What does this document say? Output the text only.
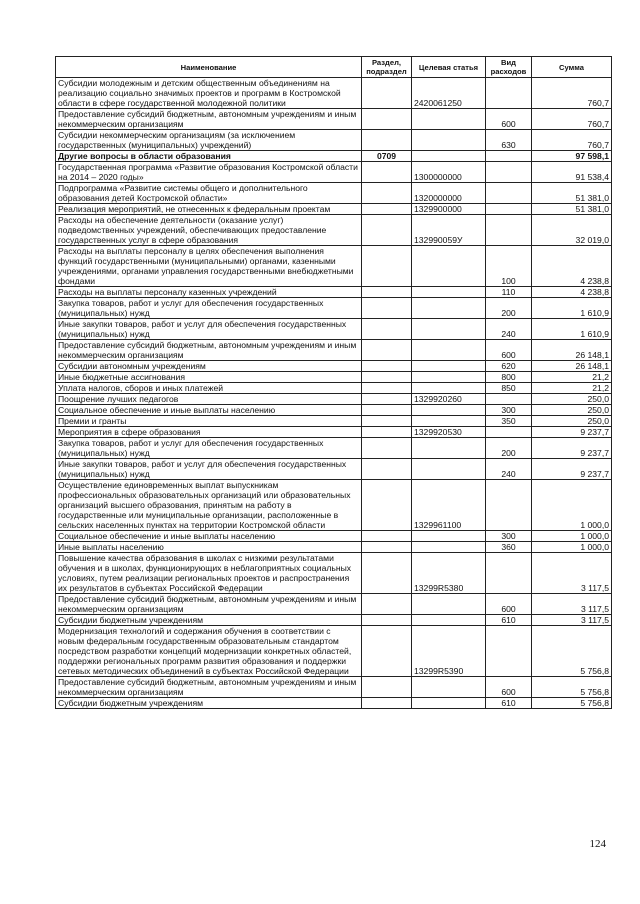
Наименование	Раздел, подраздел	Целевая статья	Вид расходов	Сумма
Субсидии молодежным и детским общественным объединениям на реализацию социально значимых проектов и программ в Костромской области в сфере государственной молодежной политики		2420061250		760,7
Предоставление субсидий бюджетным, автономным учреждениям и иным некоммерческим организациям			600	760,7
Субсидии некоммерческим организациям (за исключением государственных (муниципальных) учреждений)			630	760,7
Другие вопросы в области образования	0709			97 598,1
Государственная программа «Развитие образования Костромской области на 2014 – 2020 годы»		1300000000		91 538,4
Подпрограмма «Развитие системы общего и дополнительного образования детей Костромской области»		1320000000		51 381,0
Реализация мероприятий, не отнесенных к федеральным проектам		1329900000		51 381,0
Расходы на обеспечение деятельности (оказание услуг) подведомственных учреждений, обеспечивающих предоставление государственных услуг в сфере образования		132990059У		32 019,0
Расходы на выплаты персоналу в целях обеспечения выполнения функций государственными (муниципальными) органами, казенными учреждениями, органами управления государственными внебюджетными фондами			100	4 238,8
Расходы на выплаты персоналу казенных учреждений			110	4 238,8
Закупка товаров, работ и услуг для обеспечения государственных (муниципальных) нужд			200	1 610,9
Иные закупки товаров, работ и услуг для обеспечения государственных (муниципальных) нужд			240	1 610,9
Предоставление субсидий бюджетным, автономным учреждениям и иным некоммерческим организациям			600	26 148,1
Субсидии автономным учреждениям			620	26 148,1
Иные бюджетные ассигнования			800	21,2
Уплата налогов, сборов и иных платежей			850	21,2
Поощрение лучших педагогов		1329920260		250,0
Социальное обеспечение и иные выплаты населению			300	250,0
Премии и гранты			350	250,0
Мероприятия в сфере образования		1329920530		9 237,7
Закупка товаров, работ и услуг для обеспечения государственных (муниципальных) нужд			200	9 237,7
Иные закупки товаров, работ и услуг для обеспечения государственных (муниципальных) нужд			240	9 237,7
Осуществление единовременных выплат выпускникам профессиональных образовательных организаций или образовательных организаций высшего образования, принятым на работу в государственные или муниципальные организации, расположенные в сельских населенных пунктах на территории Костромской области		1329961100		1 000,0
Социальное обеспечение и иные выплаты населению			300	1 000,0
Иные выплаты населению			360	1 000,0
Повышение качества образования в школах с низкими результатами обучения и в школах, функционирующих в неблагоприятных социальных условиях, путем реализации региональных проектов и распространения их результатов в субъектах Российской Федерации		13299R5380		3 117,5
Предоставление субсидий бюджетным, автономным учреждениям и иным некоммерческим организациям			600	3 117,5
Субсидии бюджетным учреждениям			610	3 117,5
Модернизация технологий и содержания обучения в соответствии с новым федеральным государственным образовательным стандартом посредством разработки концепций модернизации конкретных областей, поддержки региональных программ развития образования и поддержки сетевых методических объединений в субъектах Российской Федерации		13299R5390		5 756,8
Предоставление субсидий бюджетным, автономным учреждениям и иным некоммерческим организациям			600	5 756,8
Субсидии бюджетным учреждениям			610	5 756,8
124
